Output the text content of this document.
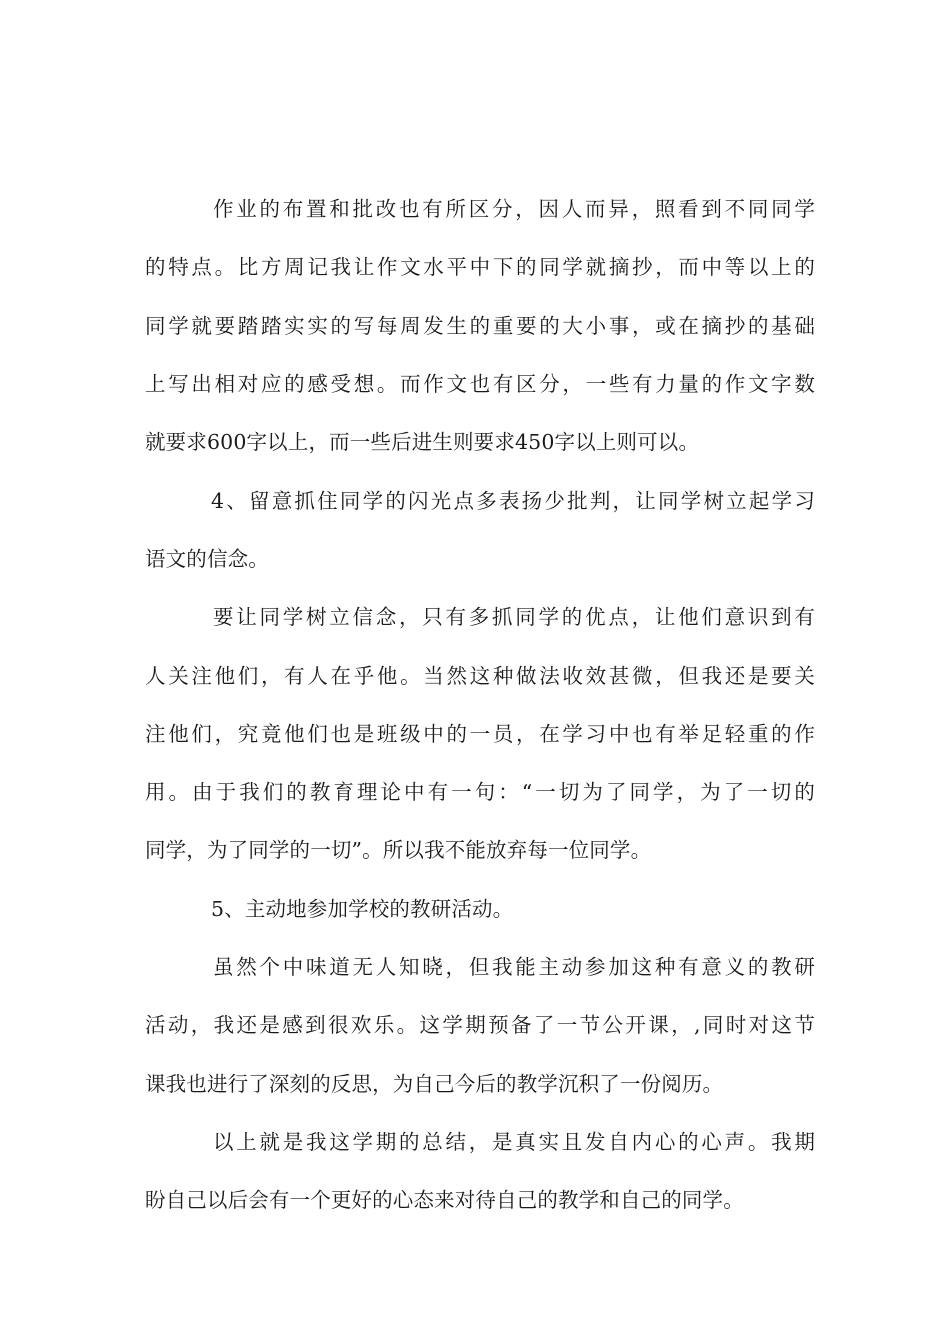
作业的布置和批改也有所区分，因人而异，照看到不同同学
的特点。比方周记我让作文水平中下的同学就摘抄，而中等以上的
同学就要踏踏实实的写每周发生的重要的大小事，或在摘抄的基础
上写出相对应的感受想。而作文也有区分，一些有力量的作文字数
就要求600字以上，而一些后进生则要求450字以上则可以。
4、留意抓住同学的闪光点多表扬少批判，让同学树立起学习
语文的信念。
要让同学树立信念，只有多抓同学的优点，让他们意识到有
人关注他们，有人在乎他。当然这种做法收效甚微，但我还是要关
注他们，究竟他们也是班级中的一员，在学习中也有举足轻重的作
用。由于我们的教育理论中有一句：“一切为了同学，为了一切的
同学，为了同学的一切”。所以我不能放弃每一位同学。
5、主动地参加学校的教研活动。
虽然个中味道无人知晓，但我能主动参加这种有意义的教研
活动，我还是感到很欢乐。这学期预备了一节公开课，,同时对这节
课我也进行了深刻的反思，为自己今后的教学沉积了一份阅历。
以上就是我这学期的总结，是真实且发自内心的心声。我期
盼自己以后会有一个更好的心态来对待自己的教学和自己的同学。
